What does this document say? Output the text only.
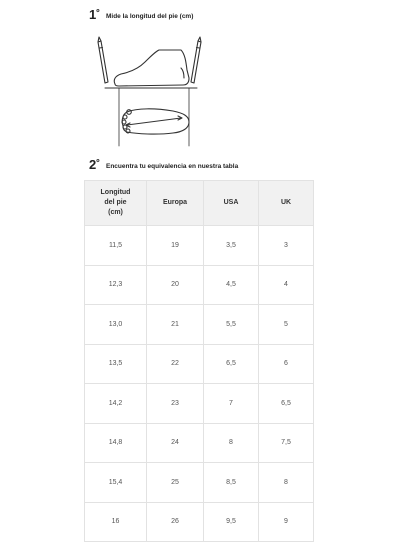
$1^º$ Mide la longitud del pie (cm)
$2^º$ Encuentra tu equivalencia en nuestra tabla
Longitud
del pie
(cm)	Europa	USA	UK
11,5	19	3,5	3
12,3	20	4,5	4
13,0	21	5,5	5
13,5	22	6,5	6
14,2	23	7	6,5
14,8	24	8	7,5
15,4	25	8,5	8
16	26	9,5	9
